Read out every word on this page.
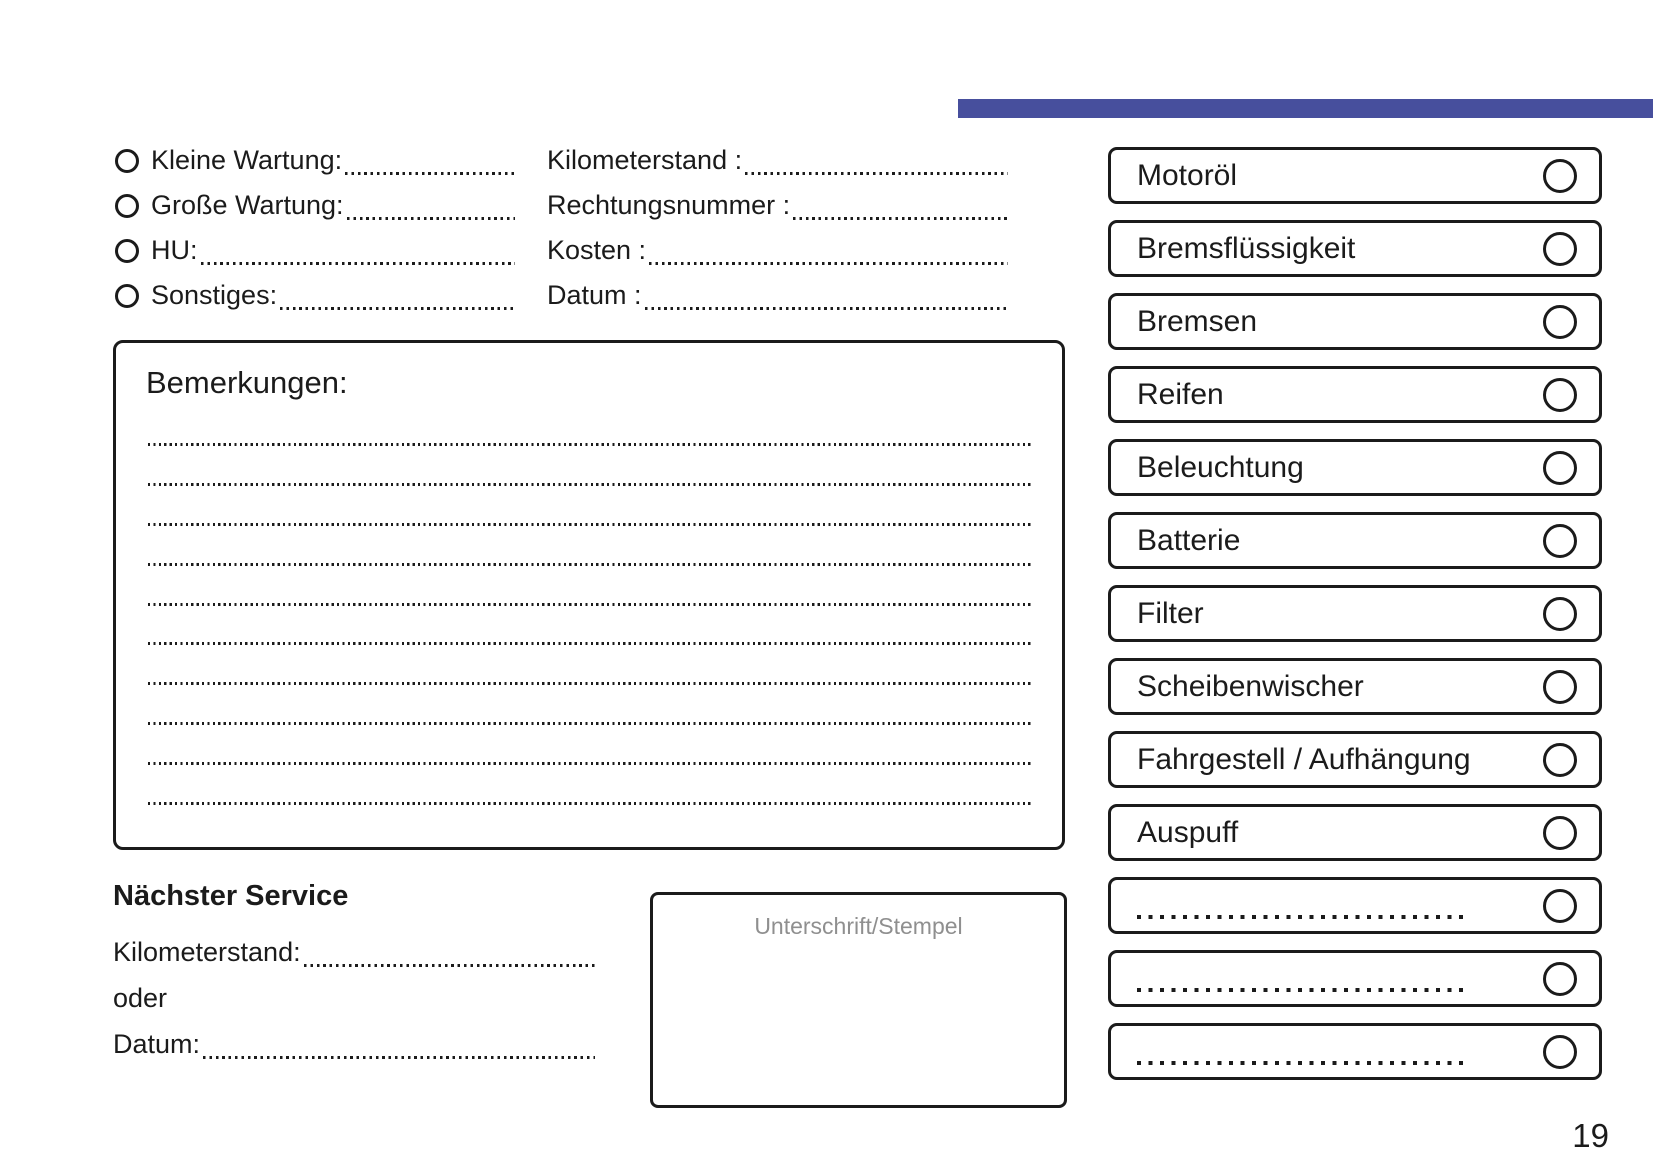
Kleine Wartung:
Große Wartung:
HU:
Sonstiges:
Kilometerstand :
Rechtungsnummer :
Kosten :
Datum :
Bemerkungen:
Nächster Service
Kilometerstand:
oder
Datum:
Unterschrift/Stempel
Motoröl
Bremsflüssigkeit
Bremsen
Reifen
Beleuchtung
Batterie
Filter
Scheibenwischer
Fahrgestell / Aufhängung
Auspuff
19
